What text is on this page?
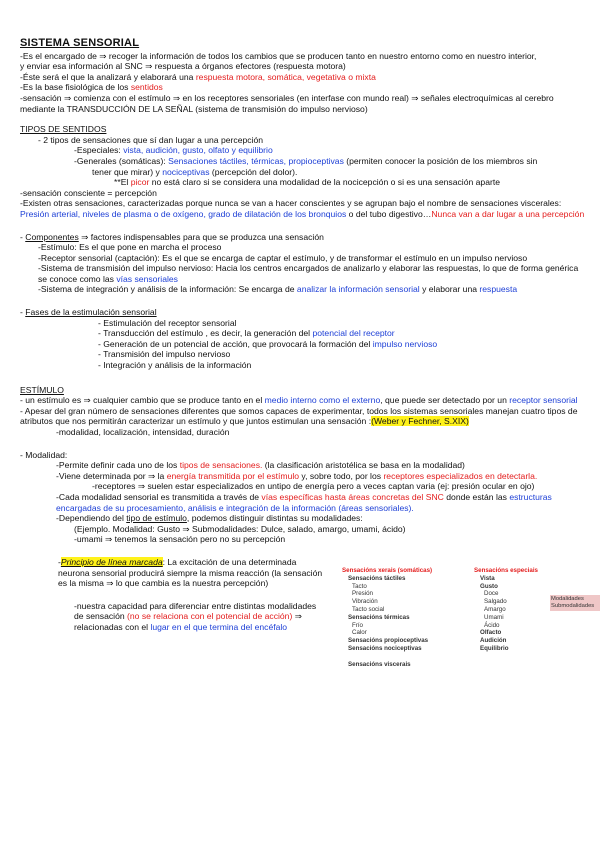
SISTEMA SENSORIAL

-Es el encargado de ⇒ recoger la información de todos los cambios que se producen tanto en nuestro entorno como en nuestro interior,

y enviar esa información al SNC ⇒ respuesta a órganos efectores (respuesta motora)

-Éste será el que la analizará y elaborará una respuesta motora, somática, vegetativa o mixta

-Es la base fisiológica de los sentidos

-sensación ⇒ comienza con el estímulo ⇒ en los receptores sensoriales (en interfase con mundo real) ⇒ señales electroquímicas al cerebro mediante la TRANSDUCCIÓN DE LA SEÑAL (sistema de transmisión do impulso nervioso)

TIPOS DE SENTIDOS

- 2 tipos de sensaciones que sí dan lugar a una percepción

-Especiales: vista, audición, gusto, olfato y equilibrio

-Generales (somáticas): Sensaciones táctiles, térmicas, propioceptivas (permiten conocer la posición de los miembros sin

tener que mirar) y nociceptivas (percepción del dolor).

**El picor no está claro si se considera una modalidad de la nocicepción o si es una sensación aparte

-sensación consciente = percepción

-Existen otras sensaciones, caracterizadas porque nunca se van a hacer conscientes y se agrupan bajo el nombre de sensaciones viscerales: Presión arterial, niveles de plasma o de oxígeno, grado de dilatación de los bronquios o del tubo digestivo…Nunca van a dar lugar a una percepción

- Componentes ⇒ factores indispensables para que se produzca una sensación

-Estímulo: Es el que pone en marcha el proceso

-Receptor sensorial (captación): Es el que se encarga de captar el estímulo, y de transformar el estímulo en un impulso nervioso

-Sistema de transmisión del impulso nervioso: Hacia los centros encargados de analizarlo y elaborar las respuestas, lo que de forma genérica se conoce como las vías sensoriales

-Sistema de integración y análisis de la información: Se encarga de analizar la información sensorial y elaborar una respuesta

- Fases de la estimulación sensorial

- Estimulación del receptor sensorial

- Transducción del estímulo , es decir, la generación del potencial del receptor

- Generación de un potencial de acción, que provocará la formación del impulso nervioso

- Transmisión del impulso nervioso

- Integración y análisis de la información

ESTÍMULO

- un estímulo es ⇒ cualquier cambio que se produce tanto en el medio interno como el externo, que puede ser detectado por un receptor sensorial

- Apesar del gran número de sensaciones diferentes que somos capaces de experimentar, todos los sistemas sensoriales manejan cuatro tipos de atributos que nos permitirán caracterizar un estímulo y que juntos estimulan una sensación :(Weber y Fechner, S.XIX)

-modalidad, localización, intensidad, duración

- Modalidad:

-Permite definir cada uno de los tipos de sensaciones. (la clasificación aristotélica se basa en la modalidad)

-Viene determinada por ⇒ la energía transmitida por el estímulo y, sobre todo, por los receptores especializados en detectarla.

-receptores ⇒ suelen estar especializados en untipo de energía pero a veces captan varia (ej: presión ocular en ojo)

-Cada modalidad sensorial es transmitida a través de vías específicas hasta áreas concretas del SNC donde están las estructuras encargadas de su procesamiento, análisis e integración de la información (áreas sensoriales).

-Dependiendo del tipo de estímulo, podemos distinguir distintas su modalidades:

(Ejemplo. Modalidad: Gusto ⇒ Submodalidades: Dulce, salado, amargo, umami, ácido)

-umami ⇒ tenemos la sensación pero no su percepción

-Principio de línea marcada: La excitación de una determinada neurona sensorial producirá siempre la misma reacción (la sensación es la misma ⇒ lo que cambia es la nuestra percepción)

-nuestra capacidad para diferenciar entre distintas modalidades de sensación (no se relaciona con el potencial de acción) ⇒ relacionadas con el lugar en el que termina del encéfalo

Sensacións xerais (somáticas)
Sensacións táctiles
Tacto
Presión
Vibración
Tacto social
Sensacións térmicas
Frío
Calor
Sensacións propioceptivas
Sensacións nociceptivas
Sensacións viscerais
Sensacións especiais
Vista
Gusto
Doce
Salgado
Amargo
Umami
Ácido
Olfacto
Audición
Equilibrio
Modalidades
Submodalidades
